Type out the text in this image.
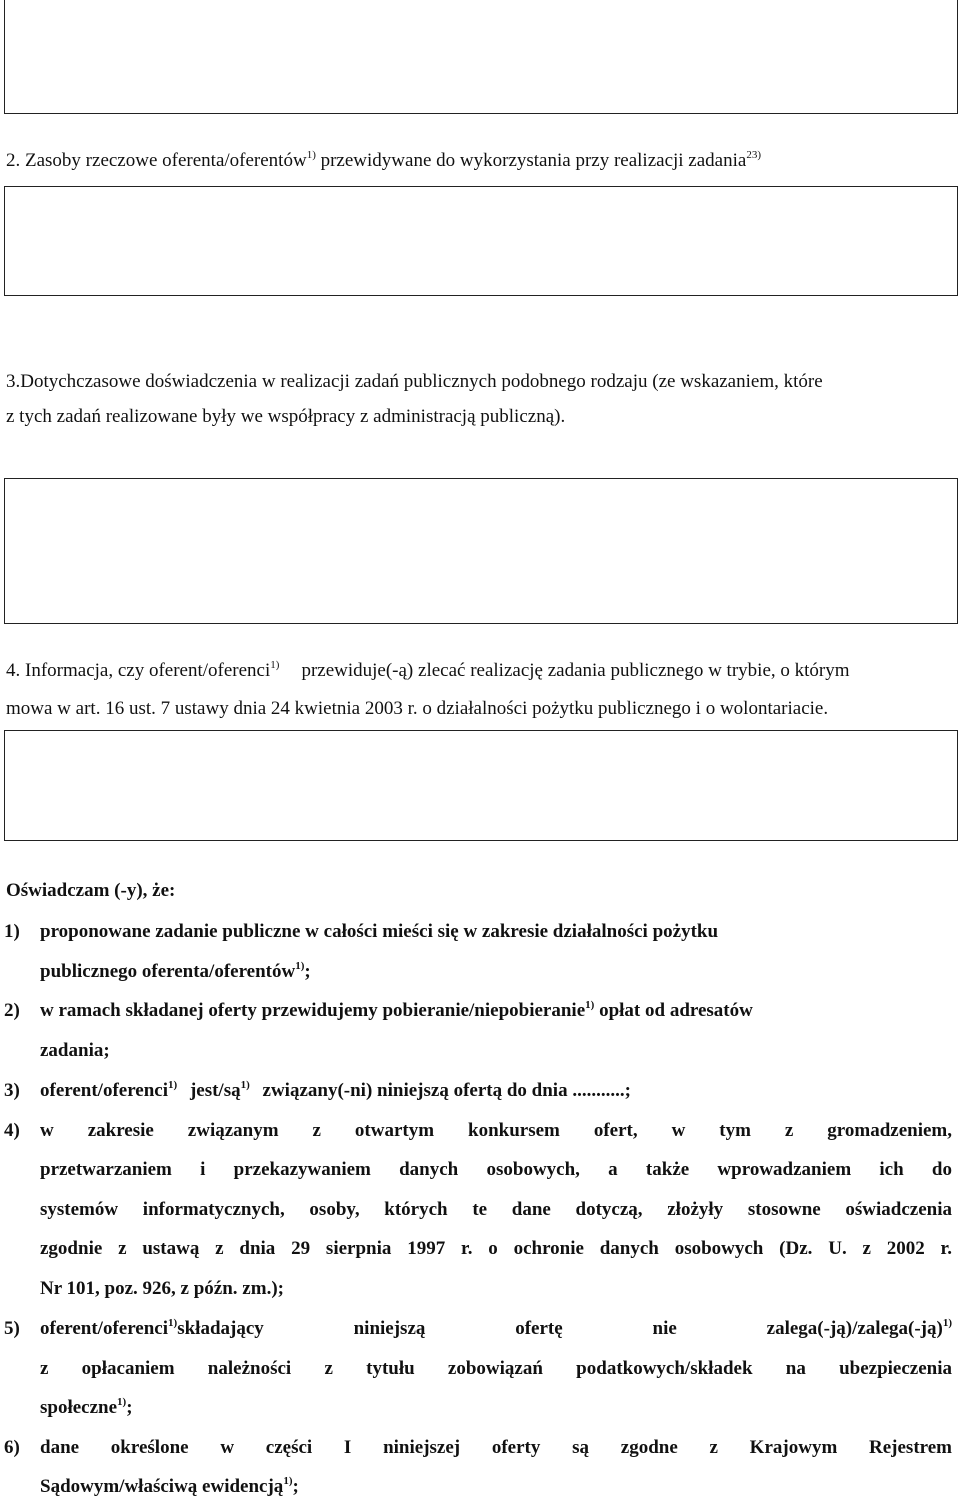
2. Zasoby rzeczowe oferenta/oferentów$^{1)}$ przewidywane do wykorzystania przy realizacji zadania$^{23)}$
3.Dotychczasowe doświadczenia w realizacji zadań publicznych podobnego rodzaju (ze wskazaniem, które
z tych zadań realizowane były we współpracy z administracją publiczną).
4. Informacja, czy oferent/oferenci$^{1)}$ przewiduje(-ą) zlecać realizację zadania publicznego w trybie, o którym
mowa w art. 16 ust. 7 ustawy dnia 24 kwietnia 2003 r. o działalności pożytku publicznego i o wolontariacie.
Oświadczam (-y), że:
1) proponowane zadanie publiczne w całości mieści się w zakresie działalności pożytku
publicznego oferenta/oferentów$^{1)}$;
2) w ramach składanej oferty przewidujemy pobieranie/niepobieranie$^{1)}$ opłat od adresatów
zadania;
3) oferent/oferenci$^{1)}$ jest/$są^{1)}$ związany(-ni) niniejszą ofertą do dnia ...........;
4) w zakresie związanym z otwartym konkursem ofert, w tym z gromadzeniem,
przetwarzaniem i przekazywaniem danych osobowych, a także wprowadzaniem ich do
systemów informatycznych, osoby, których te dane dotyczą, złożyły stosowne oświadczenia
zgodnie z ustawą z dnia 29 sierpnia 1997 r. o ochronie danych osobowych (Dz. U. z 2002 r.
Nr 101, poz. 926, z późn. zm.);
5) oferent/oferenci$^{1)}$składający niniejszą ofertę nie zalega(-ją)/zalega(-ją)$^{1)}$
z opłacaniem należności z tytułu zobowiązań podatkowych/składek na ubezpieczenia
społeczne$^{1)}$;
6) dane określone w części I niniejszej oferty są zgodne z Krajowym Rejestrem
Sądowym/właściwą ewidencją$^{1)}$;
